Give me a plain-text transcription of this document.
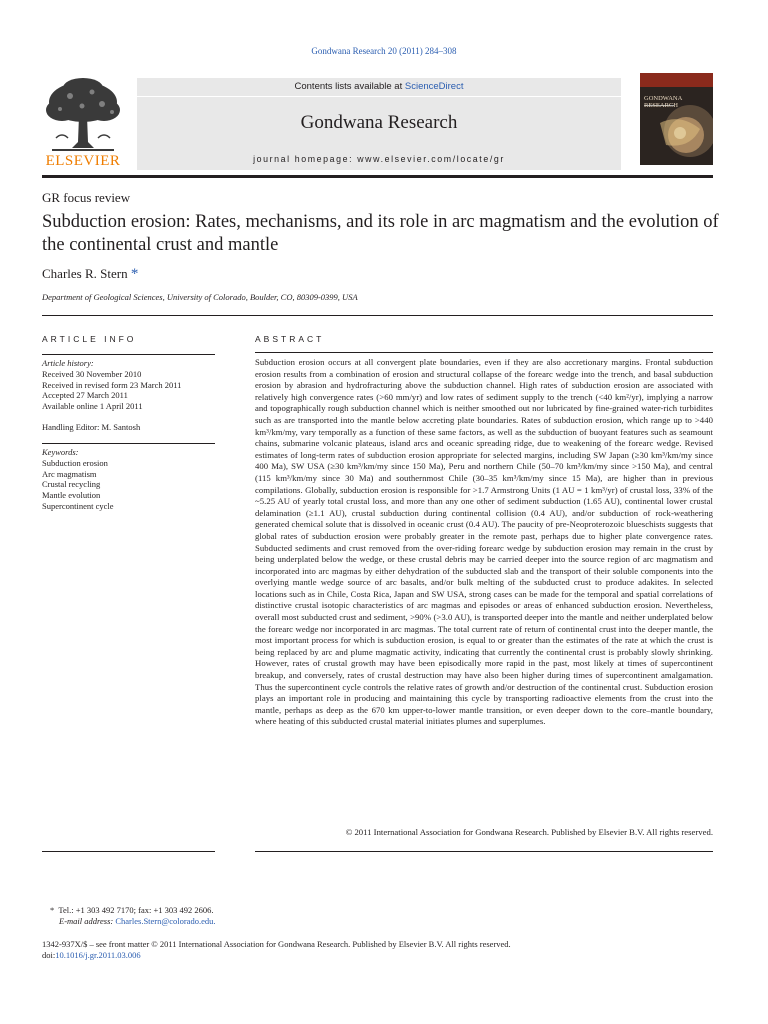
Gondwana Research 20 (2011) 284–308
ELSEVIER
Contents lists available at ScienceDirect
Gondwana Research
journal homepage: www.elsevier.com/locate/gr
GONDWANA
RESEARCH
GR focus review
Subduction erosion: Rates, mechanisms, and its role in arc magmatism and the evolution of the continental crust and mantle
Charles R. Stern *
Department of Geological Sciences, University of Colorado, Boulder, CO, 80309-0399, USA
ARTICLE INFO	ABSTRACT
Article history:
Received 30 November 2010
Received in revised form 23 March 2011
Accepted 27 March 2011
Available online 1 April 2011
Handling Editor: M. Santosh
Keywords:
Subduction erosion
Arc magmatism
Crustal recycling
Mantle evolution
Supercontinent cycle
Subduction erosion occurs at all convergent plate boundaries, even if they are also accretionary margins. Frontal subduction erosion results from a combination of erosion and structural collapse of the forearc wedge into the trench, and basal subduction erosion by abrasion and hydrofracturing above the subduction channel. High rates of subduction erosion are associated with relatively high convergence rates (>60 mm/yr) and low rates of sediment supply to the trench (<40 km²/yr), implying a narrow and topographically rough subduction channel which is neither smoothed out nor lubricated by fine-grained water-rich turbidites such as are transported into the mantle below accreting plate boundaries. Rates of subduction erosion, which range up to >440 km³/km/my, vary temporally as a function of these same factors, as well as the subduction of buoyant features such as seamount chains, submarine volcanic plateaus, island arcs and oceanic spreading ridge, due to weakening of the forearc wedge. Revised estimates of long-term rates of subduction erosion appropriate for selected margins, including SW Japan (≥30 km³/km/my since 400 Ma), SW USA (≥30 km³/km/my since 150 Ma), Peru and northern Chile (50–70 km³/km/my since >150 Ma), and central (115 km³/km/my since 30 Ma) and southernmost Chile (30–35 km³/km/my since 15 Ma), are higher than in previous compilations. Globally, subduction erosion is responsible for >1.7 Armstrong Units (1 AU = 1 km³/yr) of crustal loss, 33% of the ~5.25 AU of yearly total crustal loss, and more than any one other of sediment subduction (1.65 AU), continental lower crustal delamination (≥1.1 AU), crustal subduction during continental collision (0.4 AU), and/or subduction of rock-weathering generated chemical solute that is dissolved in oceanic crust (0.4 AU). The paucity of pre-Neoproterozoic blueschists suggests that global rates of subduction erosion were probably greater in the remote past, perhaps due to higher plate convergence rates. Subducted sediments and crust removed from the over-riding forearc wedge by subduction erosion may remain in the crust by being underplated below the wedge, or these crustal debris may be carried deeper into the source region of arc magmatism and incorporated into arc magmas by either dehydration of the subducted slab and the transport of their soluble components into the overlying mantle wedge source of arc basalts, and/or bulk melting of the subducted crust to produce adakites. In selected locations such as in Chile, Costa Rica, Japan and SW USA, strong cases can be made for the temporal and spatial correlations of distinctive crustal isotopic characteristics of arc magmas and episodes or areas of enhanced subduction erosion. Nevertheless, overall most subducted crust and sediment, >90% (>3.0 AU), is transported deeper into the mantle and neither underplated below the forearc wedge nor incorporated in arc magmas. The total current rate of return of continental crust into the deeper mantle, the most important process for which is subduction erosion, is equal to or greater than the estimates of the rate at which the crust is being replaced by arc and plume magmatic activity, indicating that currently the continental crust is probably slowly shrinking. However, rates of crustal growth may have been episodically more rapid in the past, most likely at times of supercontinent breakup, and conversely, rates of crustal destruction may have also been higher during times of supercontinent amalgamation. Thus the supercontinent cycle controls the relative rates of growth and/or destruction of the continental crust. Subduction erosion plays an important role in producing and maintaining this cycle by transporting radioactive elements from the crust into the mantle, perhaps as deep as the 670 km upper-to-lower mantle transition, or even deeper down to the core–mantle boundary, where heating of this subducted crustal material initiates plumes and superplumes.
© 2011 International Association for Gondwana Research. Published by Elsevier B.V. All rights reserved.
* Tel.: +1 303 492 7170; fax: +1 303 492 2606.
E-mail address: Charles.Stern@colorado.edu.
1342-937X/$ – see front matter © 2011 International Association for Gondwana Research. Published by Elsevier B.V. All rights reserved.
doi:10.1016/j.gr.2011.03.006
